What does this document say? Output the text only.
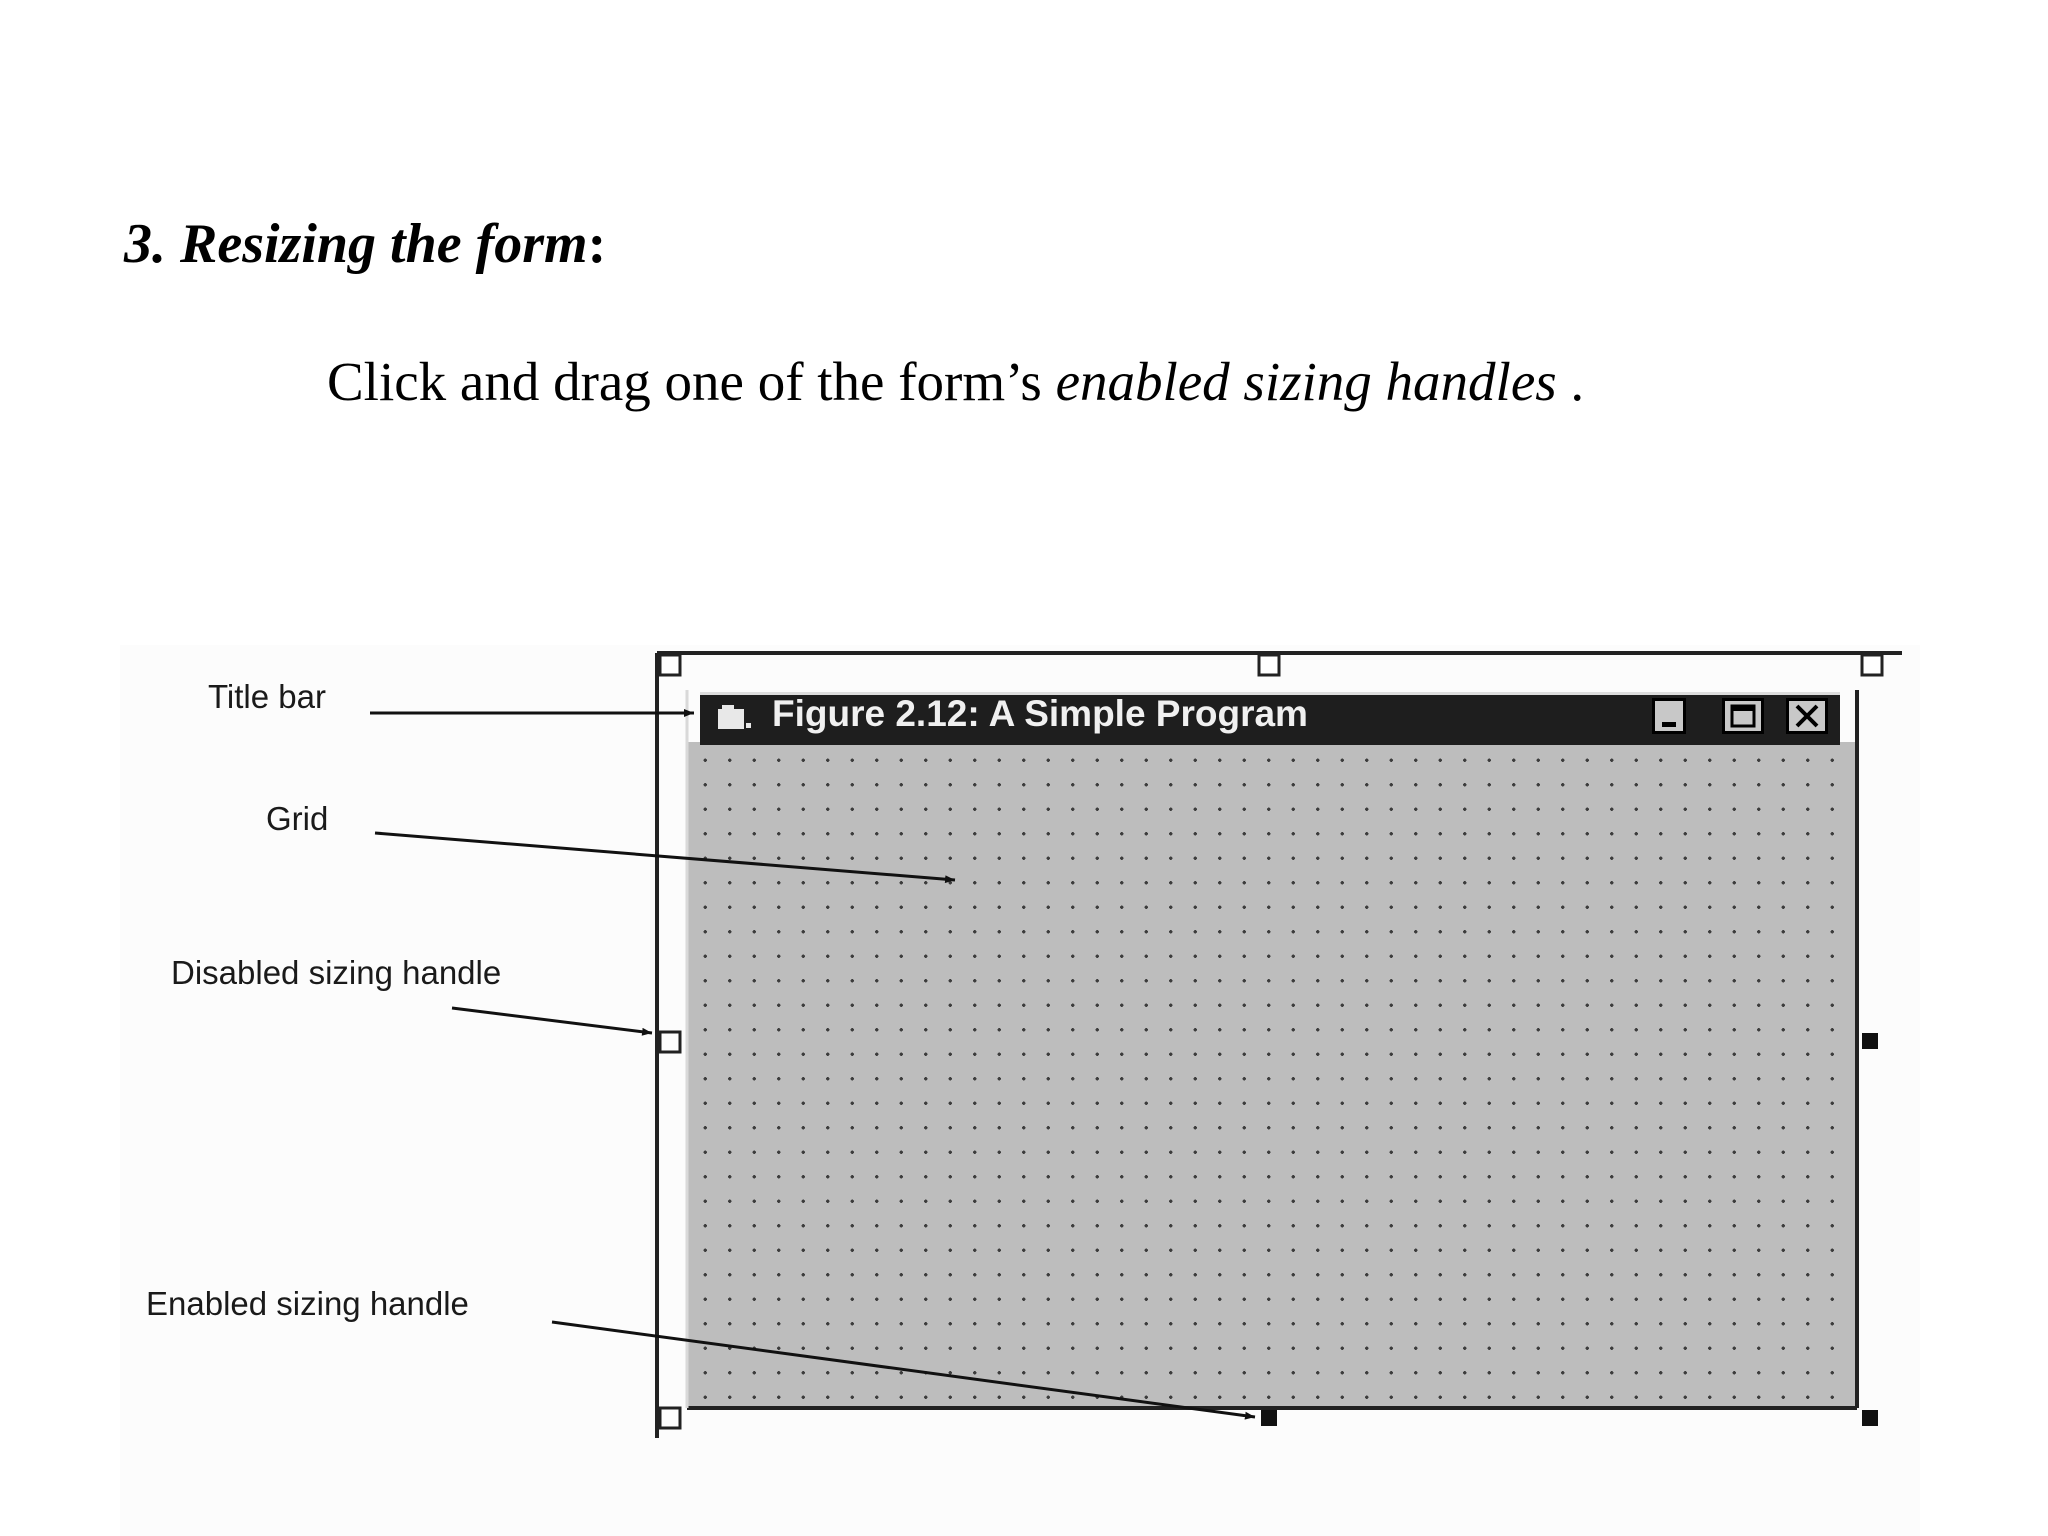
3. Resizing the form:
Click and drag one of the form’s enabled sizing handles .
Figure 2.12: A Simple Program
Title bar
Grid
Disabled sizing handle
Enabled sizing handle
